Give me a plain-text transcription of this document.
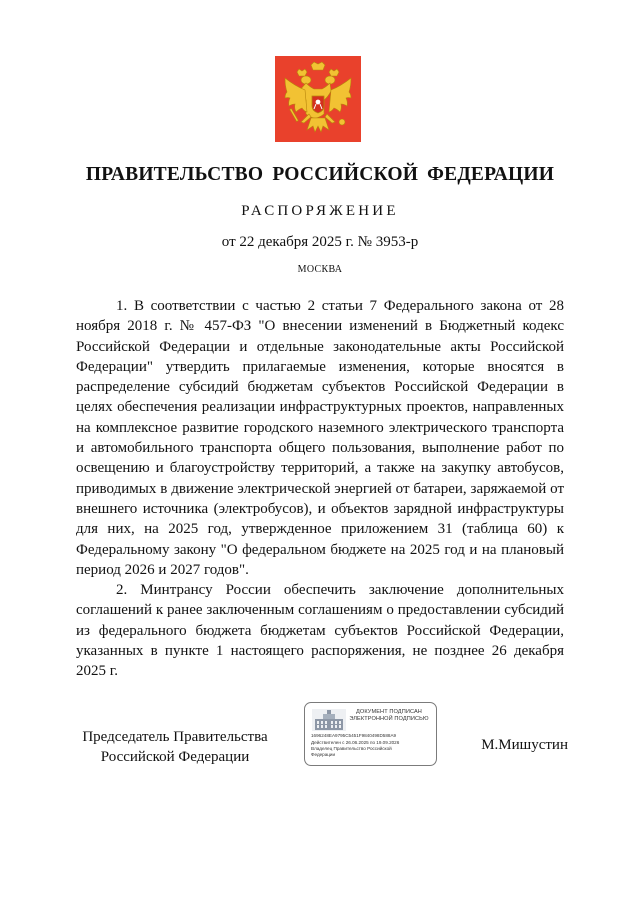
ПРАВИТЕЛЬСТВО РОССИЙСКОЙ ФЕДЕРАЦИИ
РАСПОРЯЖЕНИЕ
от 22 декабря 2025 г. № 3953-р
МОСКВА

1. В соответствии с частью 2 статьи 7 Федерального закона от 28 ноября 2018 г. № 457-ФЗ "О внесении изменений в Бюджетный кодекс Российской Федерации и отдельные законодательные акты Российской Федерации" утвердить прилагаемые изменения, которые вносятся в распределение субсидий бюджетам субъектов Российской Федерации в целях обеспечения реализации инфраструктурных проектов, направленных на комплексное развитие городского наземного электрического транспорта и автомобильного транспорта общего пользования, выполнение работ по освещению и благоустройству территорий, а также на закупку автобусов, приводимых в движение электрической энергией от батареи, заряжаемой от внешнего источника (электробусов), и объектов зарядной инфраструктуры для них, на 2025 год, утвержденное приложением 31 (таблица 60) к Федеральному закону "О федеральном бюджете на 2025 год и на плановый период 2026 и 2027 годов".

2. Минтрансу России обеспечить заключение дополнительных соглашений к ранее заключенным соглашениям о предоставлении субсидий из федерального бюджета бюджетам субъектов Российской Федерации, указанных в пункте 1 настоящего распоряжения, не позднее 26 декабря 2025 г.

Председатель Правительства
Российской Федерации
ДОКУМЕНТ ПОДПИСАН
ЭЛЕКТРОННОЙ ПОДПИСЬЮ
1696248EA9795C5451F9840498D588A9
Действителен с 26.06.2025 по 19.09.2026
Владелец Правительство Российской
Федерации
М.Мишустин
